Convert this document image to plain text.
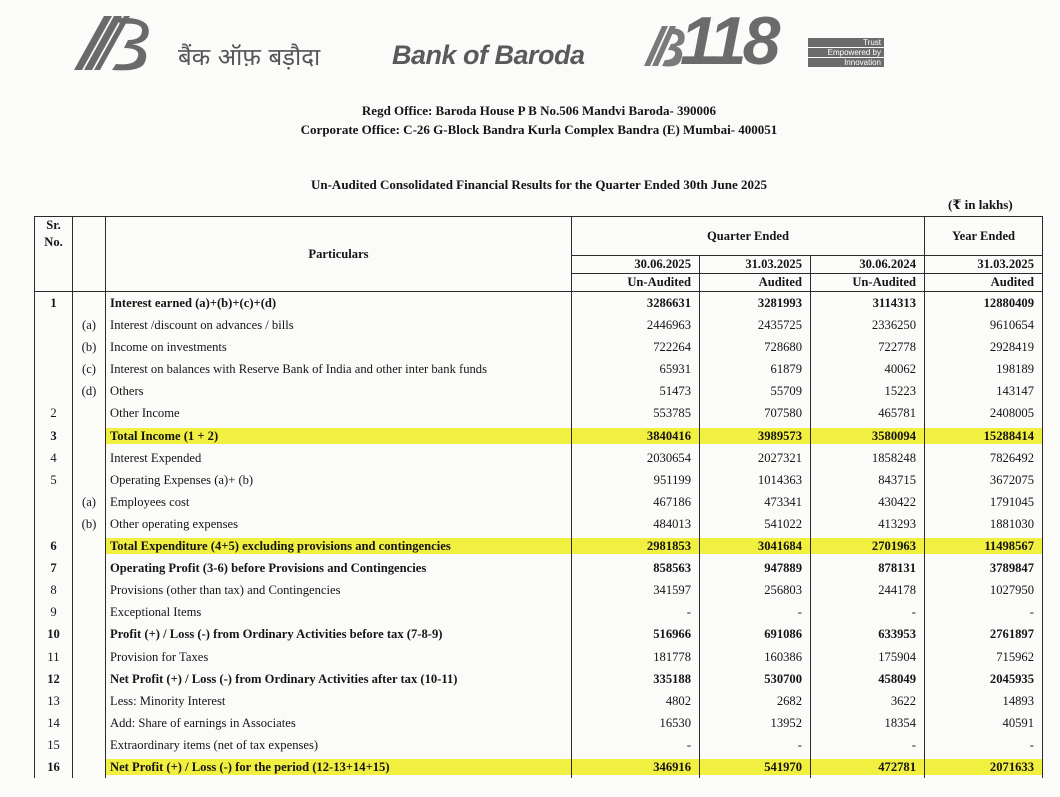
बैंक ऑफ़ बड़ौदा	Bank of Baroda 118	Trust
Empowered by
Innovation
Regd Office: Baroda House P B No.506 Mandvi Baroda- 390006
Corporate Office: C-26 G-Block Bandra Kurla Complex Bandra (E) Mumbai- 400051
Un-Audited Consolidated Financial Results for the Quarter Ended 30th June 2025
(₹ in lakhs)
Sr. No.		Particulars	Quarter Ended			Year Ended
			30.06.2025	31.03.2025	30.06.2024	31.03.2025
			Un-Audited	Audited	Un-Audited	Audited
1		Interest earned (a)+(b)+(c)+(d)	3286631	3281993	3114313	12880409
	(a)	Interest /discount on advances / bills	2446963	2435725	2336250	9610654
	(b)	Income on investments	722264	728680	722778	2928419
	(c)	Interest on balances with Reserve Bank of India and other inter bank funds	65931	61879	40062	198189
	(d)	Others	51473	55709	15223	143147
2		Other Income	553785	707580	465781	2408005
3		Total Income (1 + 2)	3840416	3989573	3580094	15288414
4		Interest Expended	2030654	2027321	1858248	7826492
5		Operating Expenses (a)+ (b)	951199	1014363	843715	3672075
	(a)	Employees cost	467186	473341	430422	1791045
	(b)	Other operating expenses	484013	541022	413293	1881030
6		Total Expenditure (4+5) excluding provisions and contingencies	2981853	3041684	2701963	11498567
7		Operating Profit (3-6) before Provisions and Contingencies	858563	947889	878131	3789847
8		Provisions (other than tax) and Contingencies	341597	256803	244178	1027950
9		Exceptional Items	-	-	-	-
10		Profit (+) / Loss (-) from Ordinary Activities before tax (7-8-9)	516966	691086	633953	2761897
11		Provision for Taxes	181778	160386	175904	715962
12		Net Profit (+) / Loss (-) from Ordinary Activities after tax (10-11)	335188	530700	458049	2045935
13		Less: Minority Interest	4802	2682	3622	14893
14		Add: Share of earnings in Associates	16530	13952	18354	40591
15		Extraordinary items (net of tax expenses)	-	-	-	-
16		Net Profit (+) / Loss (-) for the period (12-13+14+15)	346916	541970	472781	2071633
